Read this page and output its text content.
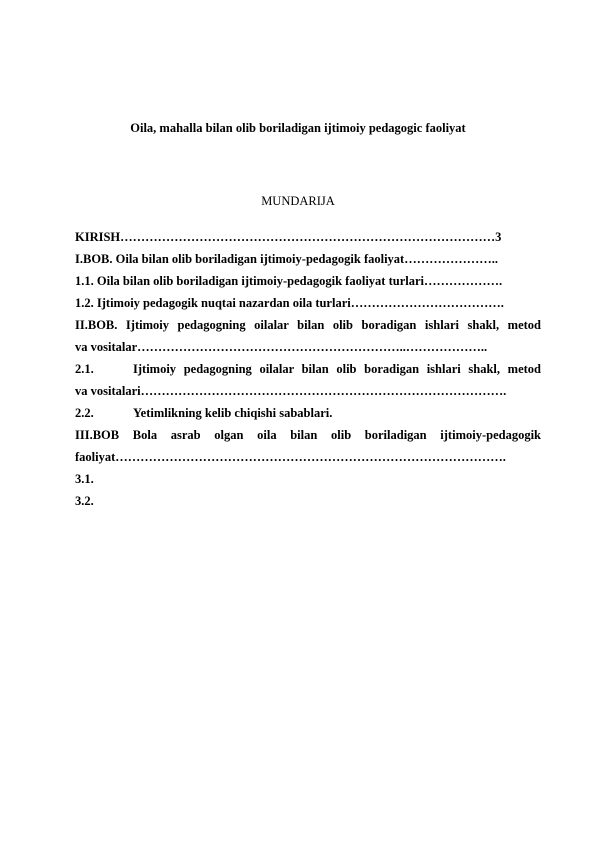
Oila, mahalla bilan olib boriladigan ijtimoiy pedagogic faoliyat
MUNDARIJA
KIRISH………………………………………………………………………………3
I.BOB. Oila bilan olib boriladigan ijtimoiy-pedagogik faoliyat…………………..
1.1. Oila bilan olib boriladigan ijtimoiy-pedagogik faoliyat turlari……………….
1.2. Ijtimoiy pedagogik nuqtai nazardan oila turlari……………………………….
II.BOB. Ijtimoiy pedagogning oilalar bilan olib boradigan ishlari shakl, metod
va vositalar………………………………………………………..………………..
2.1.	Ijtimoiy pedagogning oilalar bilan olib boradigan ishlari shakl, metod
va vositalari…………………………………………………………………………….
2.2.	Yetimlikning kelib chiqishi sabablari.
III.BOB Bola asrab olgan oila bilan olib boriladigan ijtimoiy-pedagogik
faoliyat………………………………………………………………………………….
3.1.
3.2.
